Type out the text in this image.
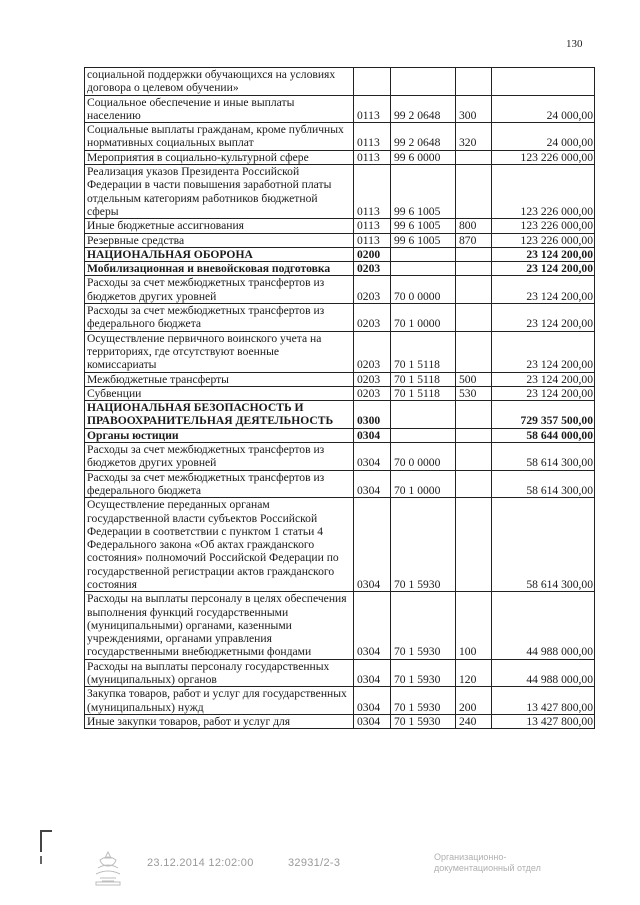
130
социальной поддержки обучающихся на условиях договора о целевом обучении»				
Социальное обеспечение и иные выплаты населению	0113	99 2 0648	300	24 000,00
Социальные выплаты гражданам, кроме публичных нормативных социальных выплат	0113	99 2 0648	320	24 000,00
Мероприятия в социально-культурной сфере	0113	99 6 0000		123 226 000,00
Реализация указов Президента Российской Федерации в части повышения заработной платы отдельным категориям работников бюджетной сферы	0113	99 6 1005		123 226 000,00
Иные бюджетные ассигнования	0113	99 6 1005	800	123 226 000,00
Резервные средства	0113	99 6 1005	870	123 226 000,00
НАЦИОНАЛЬНАЯ ОБОРОНА	0200			23 124 200,00
Мобилизационная и вневойсковая подготовка	0203			23 124 200,00
Расходы за счет межбюджетных трансфертов из бюджетов других уровней	0203	70 0 0000		23 124 200,00
Расходы за счет межбюджетных трансфертов из федерального бюджета	0203	70 1 0000		23 124 200,00
Осуществление первичного воинского учета на территориях, где отсутствуют военные комиссариаты	0203	70 1 5118		23 124 200,00
Межбюджетные трансферты	0203	70 1 5118	500	23 124 200,00
Субвенции	0203	70 1 5118	530	23 124 200,00
НАЦИОНАЛЬНАЯ БЕЗОПАСНОСТЬ И ПРАВООХРАНИТЕЛЬНАЯ ДЕЯТЕЛЬНОСТЬ	0300			729 357 500,00
Органы юстиции	0304			58 644 000,00
Расходы за счет межбюджетных трансфертов из бюджетов других уровней	0304	70 0 0000		58 614 300,00
Расходы за счет межбюджетных трансфертов из федерального бюджета	0304	70 1 0000		58 614 300,00
Осуществление переданных органам государственной власти субъектов Российской Федерации в соответствии с пунктом 1 статьи 4 Федерального закона «Об актах гражданского состояния» полномочий Российской Федерации по государственной регистрации актов гражданского состояния	0304	70 1 5930		58 614 300,00
Расходы на выплаты персоналу в целях обеспечения выполнения функций государственными (муниципальными) органами, казенными учреждениями, органами управления государственными внебюджетными фондами	0304	70 1 5930	100	44 988 000,00
Расходы на выплаты персоналу государственных (муниципальных) органов	0304	70 1 5930	120	44 988 000,00
Закупка товаров, работ и услуг для государственных (муниципальных) нужд	0304	70 1 5930	200	13 427 800,00
Иные закупки товаров, работ и услуг для	0304	70 1 5930	240	13 427 800,00
23.12.2014 12:02:00	32931/2-3	Организационно-
документационный отдел
